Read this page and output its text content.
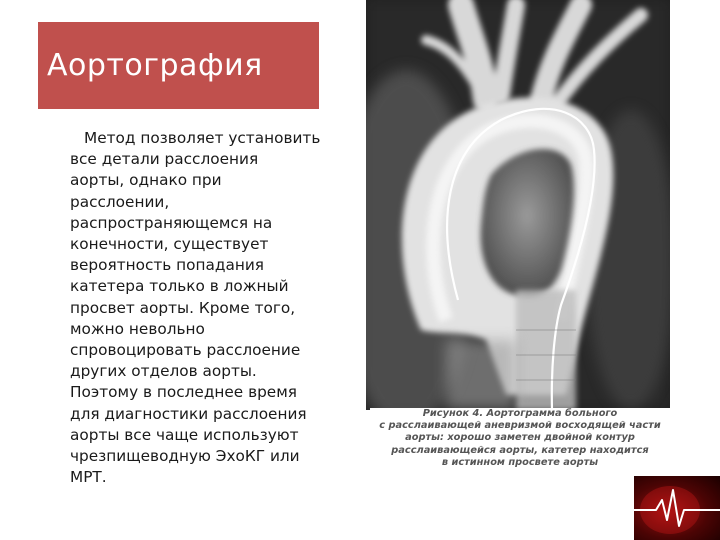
Аортография
Метод позволяет установить
все детали расслоения
аорты, однако при
расслоении,
распространяющемся на
конечности, существует
вероятность попадания
катетера только в ложный
просвет аорты. Кроме того,
можно невольно
спровоцировать расслоение
других отделов аорты.
Поэтому в последнее время
для диагностики расслоения
аорты все чаще используют
чрезпищеводную ЭхоКГ или
МРТ.
Рисунок 4. Аортограмма больного
с расслаивающей аневризмой восходящей части
аорты: хорошо заметен двойной контур
расслаивающейся аорты, катетер находится
в истинном просвете аорты
